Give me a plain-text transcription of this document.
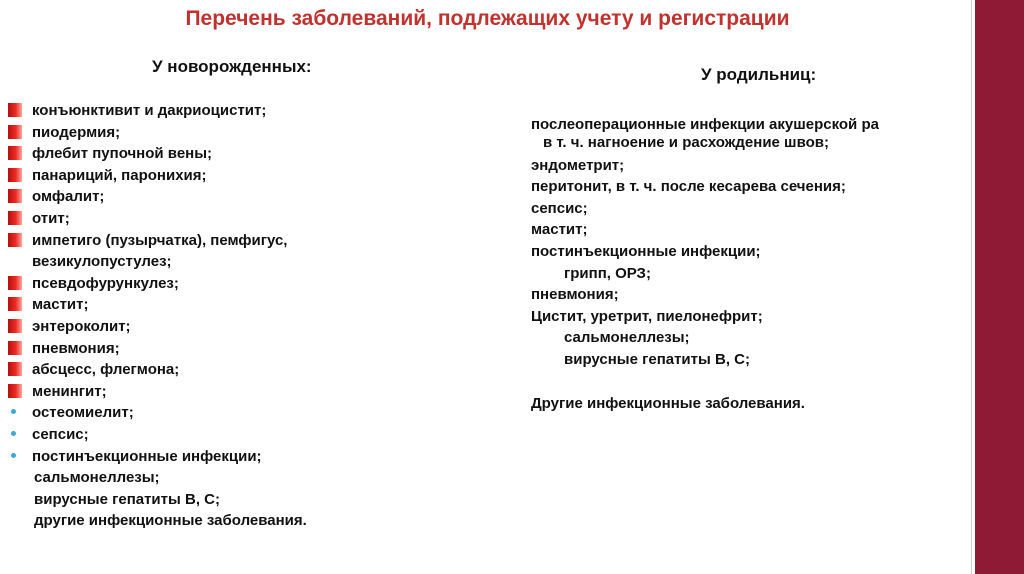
Перечень заболеваний, подлежащих учету и регистрации
У новорожденных:	У родильниц:
конъюнктивит и дакриоцистит;
пиодермия;
флебит пупочной вены;
панариций, паронихия;
омфалит;
отит;
импетиго (пузырчатка), пемфигус,
везикулопустулез;
псевдофурункулез;
мастит;
энтероколит;
пневмония;
абсцесс, флегмона;
менингит;
остеомиелит;
сепсис;
постинъекционные инфекции;
сальмонеллезы;
вирусные гепатиты В, С;
другие инфекционные заболевания.
послеоперационные инфекции акушерской ра
в т. ч. нагноение и расхождение швов;
эндометрит;
перитонит, в т. ч. после кесарева сечения;
сепсис;
мастит;
постинъекционные инфекции;
грипп, ОРЗ;
пневмония;
Цистит, уретрит, пиелонефрит;
сальмонеллезы;
вирусные гепатиты В, С;
Другие инфекционные заболевания.
